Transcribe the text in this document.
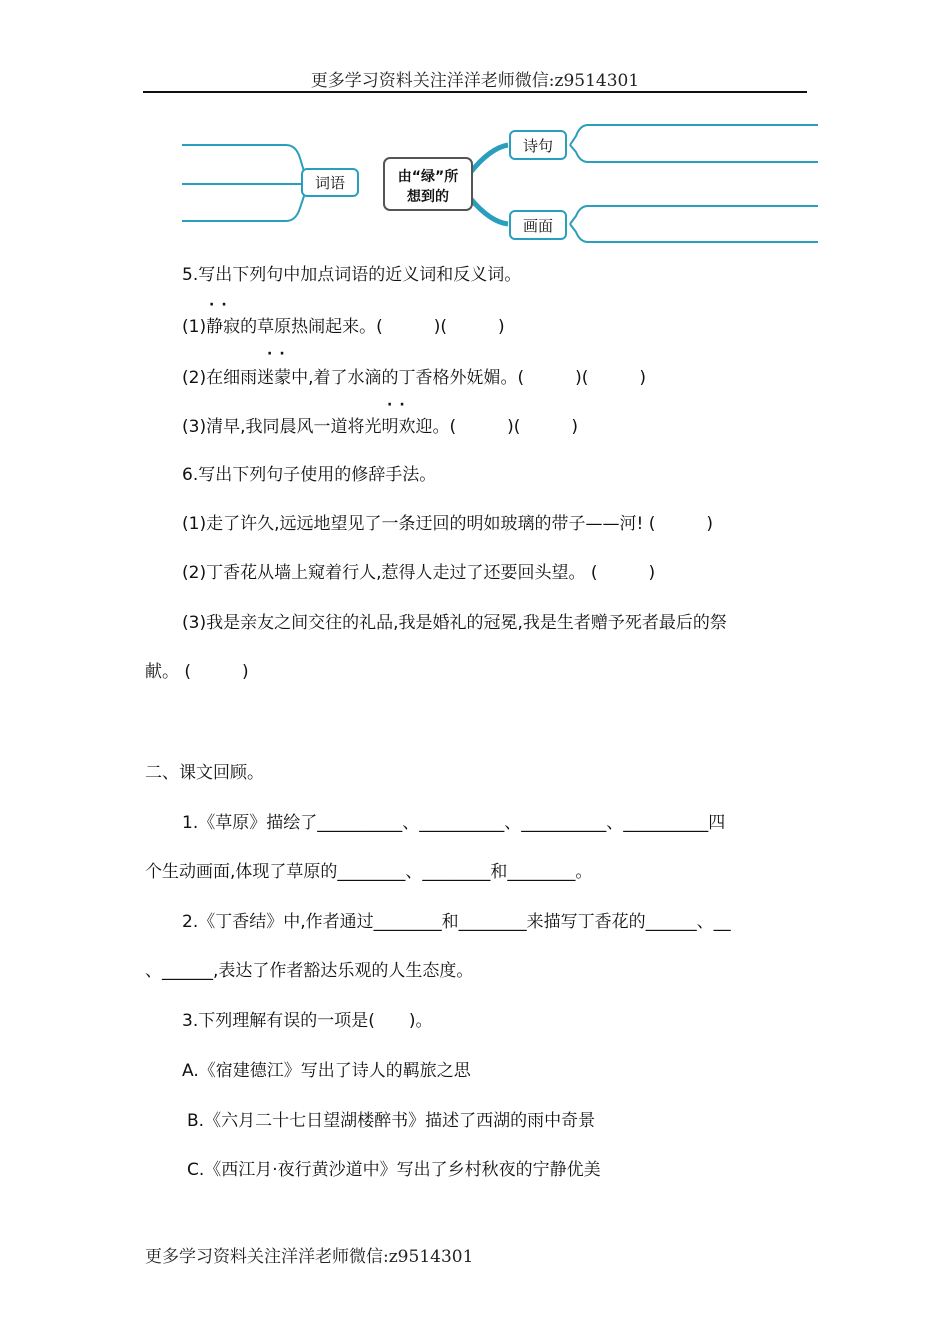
更多学习资料关注洋洋老师微信:z9514301
词语	由“绿”所
想到的
诗句
画面
5.写出下列句中加点词语的近义词和反义词。
··
(1)静寂的草原热闹起来。(　　　)(　　　)
··
(2)在细雨迷蒙中,着了水滴的丁香格外妩媚。(　　　)(　　　)
··
(3)清早,我同晨风一道将光明欢迎。(　　　)(　　　)
6.写出下列句子使用的修辞手法。
(1)走了许久,远远地望见了一条迂回的明如玻璃的带子——河! (　　　)
(2)丁香花从墙上窥着行人,惹得人走过了还要回头望。 (　　　)
(3)我是亲友之间交往的礼品,我是婚礼的冠冕,我是生者赠予死者最后的祭
献。 (　　　)
二、课文回顾。
1.《草原》描绘了__________、__________、__________、__________四
个生动画面,体现了草原的________、________和________。
2.《丁香结》中,作者通过________和________来描写丁香花的______、__
、______,表达了作者豁达乐观的人生态度。
3.下列理解有误的一项是(　　)。
A.《宿建德江》写出了诗人的羁旅之思
B.《六月二十七日望湖楼醉书》描述了西湖的雨中奇景
C.《西江月·夜行黄沙道中》写出了乡村秋夜的宁静优美
更多学习资料关注洋洋老师微信:z9514301
